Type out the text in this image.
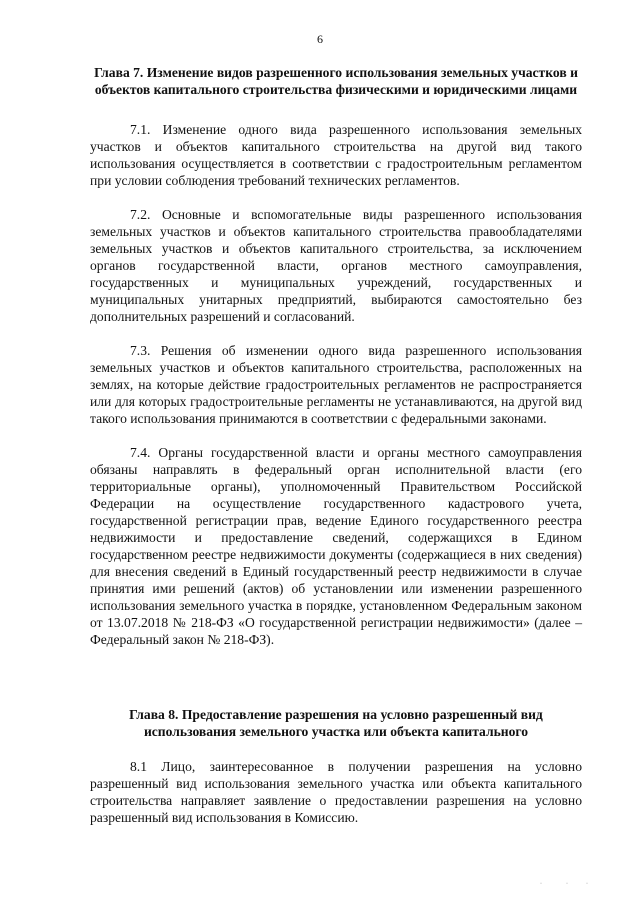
6
Глава 7. Изменение видов разрешенного использования земельных участков и объектов капитального строительства физическими и юридическими лицами
7.1. Изменение одного вида разрешенного использования земельных участков и объектов капитального строительства на другой вид такого использования осуществляется в соответствии с градостроительным регламентом при условии соблюдения требований технических регламентов.
7.2. Основные и вспомогательные виды разрешенного использования земельных участков и объектов капитального строительства правообладателями земельных участков и объектов капитального строительства, за исключением органов государственной власти, органов местного самоуправления, государственных и муниципальных учреждений, государственных и муниципальных унитарных предприятий, выбираются самостоятельно без дополнительных разрешений и согласований.
7.3. Решения об изменении одного вида разрешенного использования земельных участков и объектов капитального строительства, расположенных на землях, на которые действие градостроительных регламентов не распространяется или для которых градостроительные регламенты не устанавливаются, на другой вид такого использования принимаются в соответствии с федеральными законами.
7.4. Органы государственной власти и органы местного самоуправления обязаны направлять в федеральный орган исполнительной власти (его территориальные органы), уполномоченный Правительством Российской Федерации на осуществление государственного кадастрового учета, государственной регистрации прав, ведение Единого государственного реестра недвижимости и предоставление сведений, содержащихся в Едином государственном реестре недвижимости документы (содержащиеся в них сведения) для внесения сведений в Единый государственный реестр недвижимости в случае принятия ими решений (актов) об установлении или изменении разрешенного использования земельного участка в порядке, установленном Федеральным законом от 13.07.2018 № 218-ФЗ «О государственной регистрации недвижимости» (далее – Федеральный закон № 218-ФЗ).
Глава 8. Предоставление разрешения на условно разрешенный вид использования земельного участка или объекта капитального
8.1 Лицо, заинтересованное в получении разрешения на условно разрешенный вид использования земельного участка или объекта капитального строительства направляет заявление о предоставлении разрешения на условно разрешенный вид использования в Комиссию.
·	·	·
